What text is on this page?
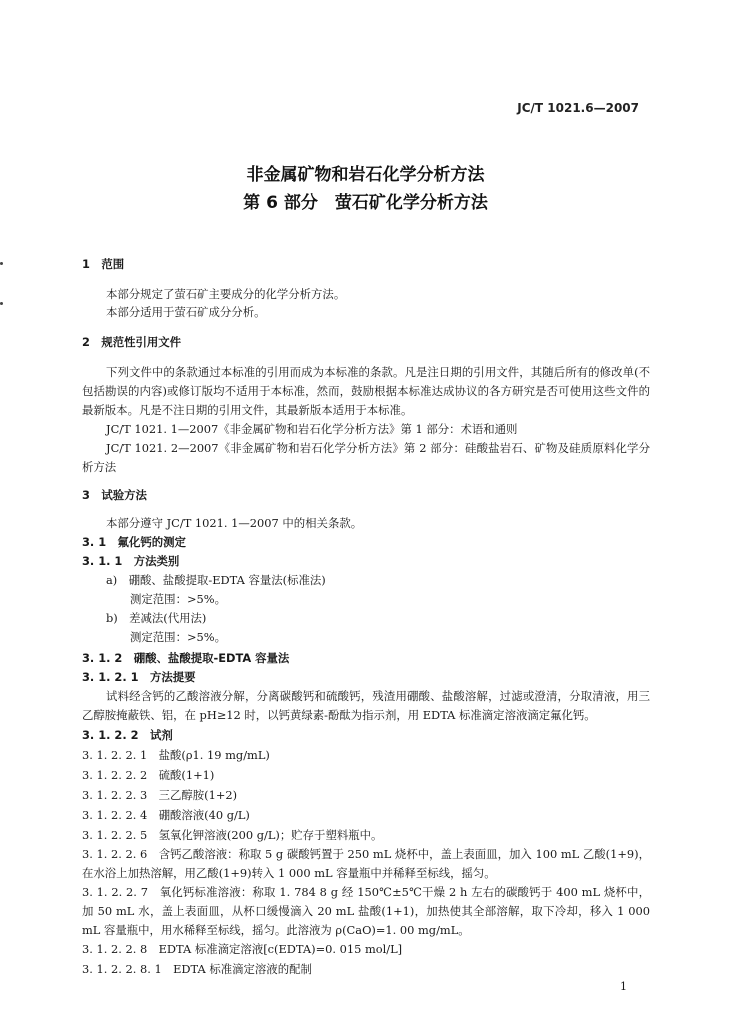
JC/T 1021.6—2007
非金属矿物和岩石化学分析方法
第 6 部分　萤石矿化学分析方法
1　范围
本部分规定了萤石矿主要成分的化学分析方法。
本部分适用于萤石矿成分分析。
2　规范性引用文件
下列文件中的条款通过本标准的引用而成为本标准的条款。凡是注日期的引用文件，其随后所有的修改单(不包括勘误的内容)或修订版均不适用于本标准，然而，鼓励根据本标准达成协议的各方研究是否可使用这些文件的最新版本。凡是不注日期的引用文件，其最新版本适用于本标准。
JC/T 1021. 1—2007《非金属矿物和岩石化学分析方法》第 1 部分：术语和通则
JC/T 1021. 2—2007《非金属矿物和岩石化学分析方法》第 2 部分：硅酸盐岩石、矿物及硅质原料化学分析方法
3　试验方法
本部分遵守 JC/T 1021. 1—2007 中的相关条款。
3. 1　氟化钙的测定
3. 1. 1　方法类别
a)　硼酸、盐酸提取-EDTA 容量法(标准法)
测定范围：>5%。
b)　差减法(代用法)
测定范围：>5%。
3. 1. 2　硼酸、盐酸提取-EDTA 容量法
3. 1. 2. 1　方法提要
试料经含钙的乙酸溶液分解，分离碳酸钙和硫酸钙，残渣用硼酸、盐酸溶解，过滤或澄清，分取清液，用三乙醇胺掩蔽铁、铝，在 pH≥12 时，以钙黄绿素-酚酞为指示剂，用 EDTA 标准滴定溶液滴定氟化钙。
3. 1. 2. 2　试剂
3. 1. 2. 2. 1　盐酸(ρ1. 19 mg/mL)
3. 1. 2. 2. 2　硫酸(1+1)
3. 1. 2. 2. 3　三乙醇胺(1+2)
3. 1. 2. 2. 4　硼酸溶液(40 g/L)
3. 1. 2. 2. 5　氢氧化钾溶液(200 g/L)；贮存于塑料瓶中。
3. 1. 2. 2. 6　含钙乙酸溶液：称取 5 g 碳酸钙置于 250 mL 烧杯中，盖上表面皿，加入 100 mL 乙酸(1+9)，在水浴上加热溶解，用乙酸(1+9)转入 1 000 mL 容量瓶中并稀释至标线，摇匀。
3. 1. 2. 2. 7　氧化钙标准溶液：称取 1. 784 8 g 经 150℃±5℃干燥 2 h 左右的碳酸钙于 400 mL 烧杯中，加 50 mL 水，盖上表面皿，从杯口缓慢滴入 20 mL 盐酸(1+1)，加热使其全部溶解，取下冷却，移入 1 000 mL 容量瓶中，用水稀释至标线，摇匀。此溶液为 ρ(CaO)=1. 00 mg/mL。
3. 1. 2. 2. 8　EDTA 标准滴定溶液[c(EDTA)=0. 015 mol/L]
3. 1. 2. 2. 8. 1　EDTA 标准滴定溶液的配制
1
